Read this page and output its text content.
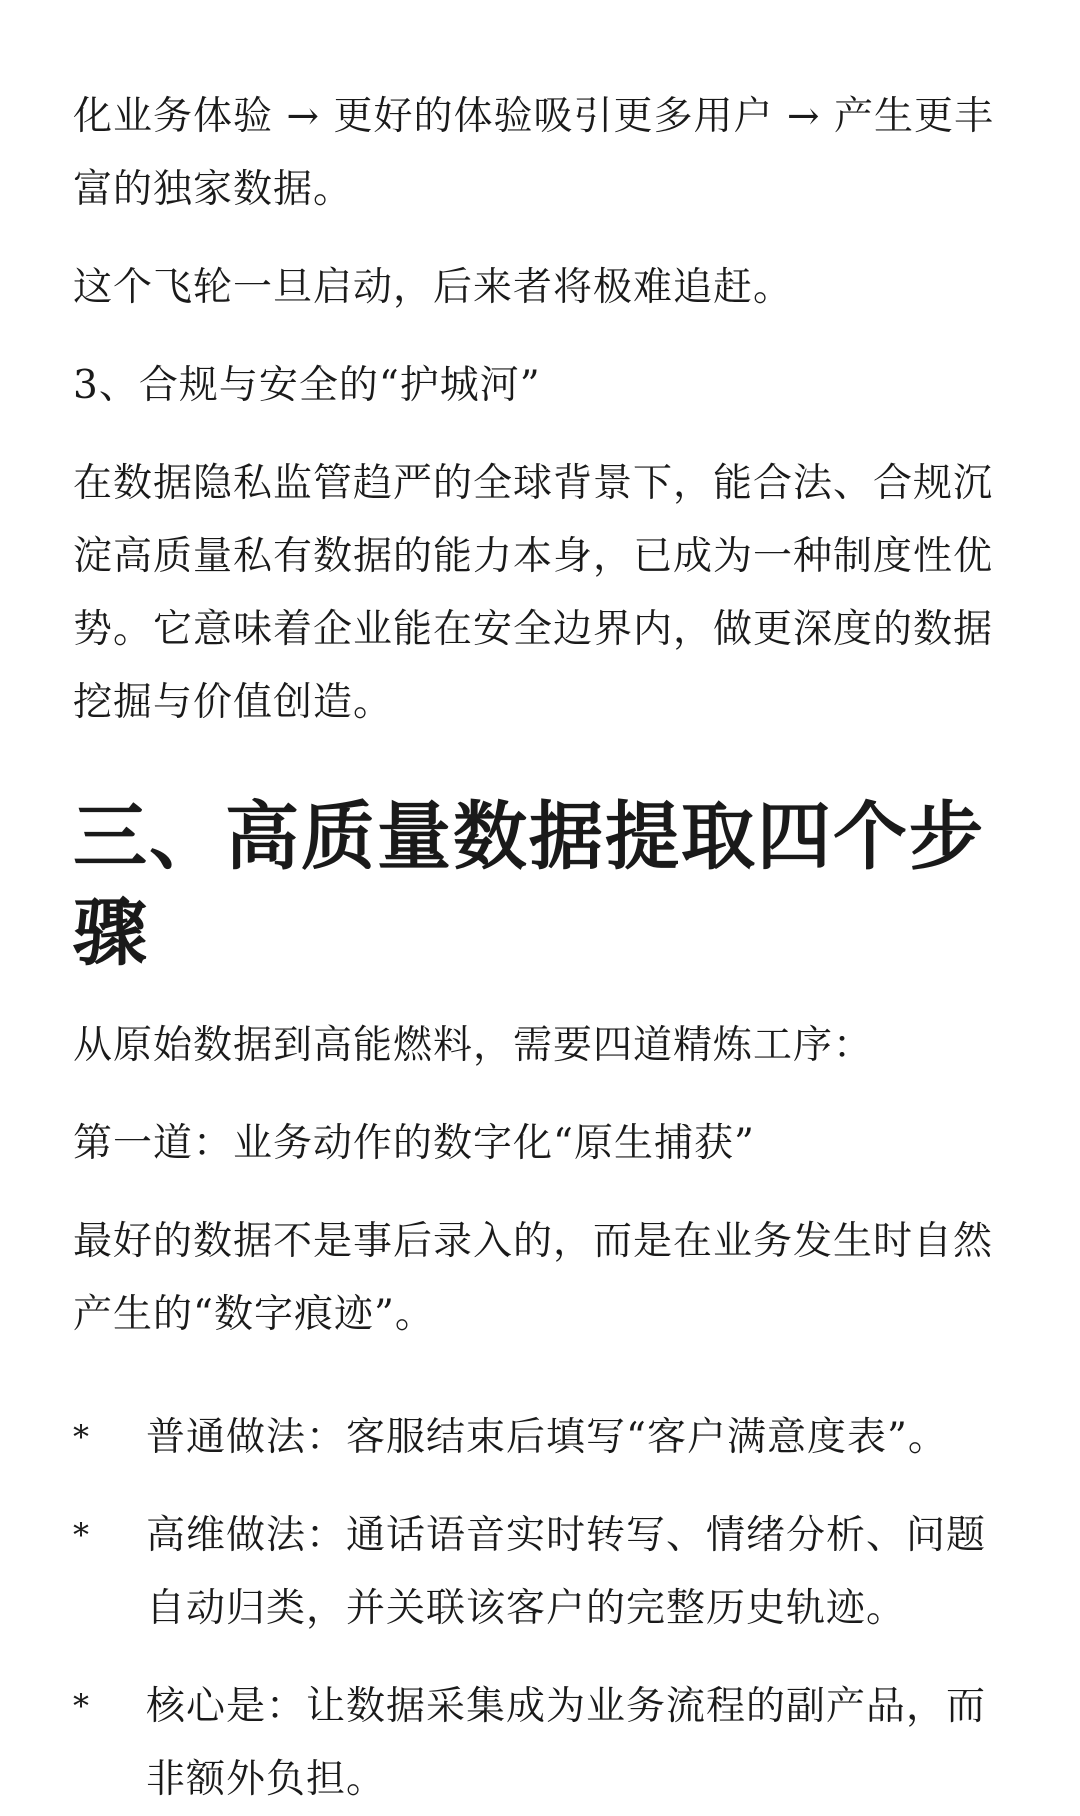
化业务体验 → 更好的体验吸引更多用户 → 产生更丰富的独家数据。

这个飞轮一旦启动，后来者将极难追赶。

3、合规与安全的“护城河”

在数据隐私监管趋严的全球背景下，能合法、合规沉淀高质量私有数据的能力本身，已成为一种制度性优势。它意味着企业能在安全边界内，做更深度的数据挖掘与价值创造。

三、高质量数据提取四个步骤

从原始数据到高能燃料，需要四道精炼工序：

第一道：业务动作的数字化“原生捕获”

最好的数据不是事后录入的，而是在业务发生时自然产生的“数字痕迹”。

*	普通做法：客服结束后填写“客户满意度表”。
*	高维做法：通话语音实时转写、情绪分析、问题自动归类，并关联该客户的完整历史轨迹。
*	核心是：让数据采集成为业务流程的副产品，而非额外负担。
